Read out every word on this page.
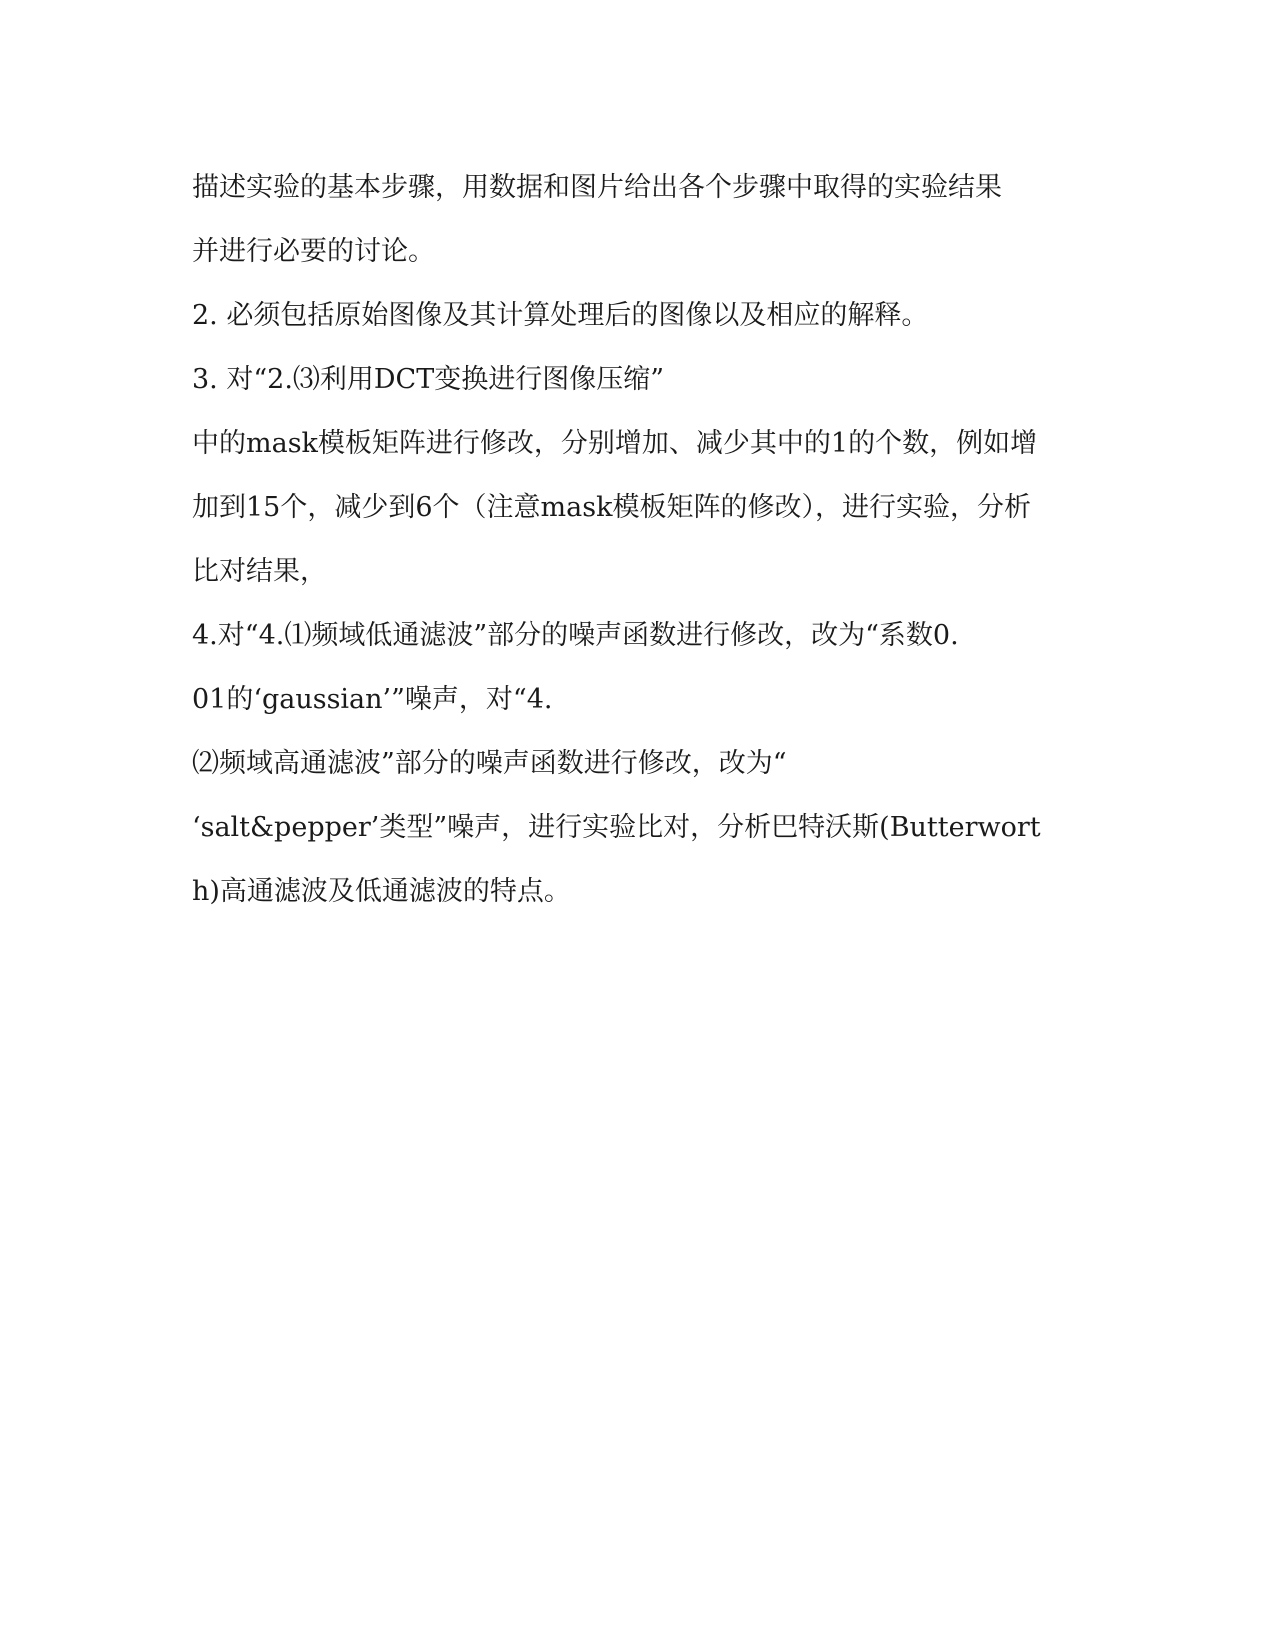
描述实验的基本步骤，用数据和图片给出各个步骤中取得的实验结果
并进行必要的讨论。
2. 必须包括原始图像及其计算处理后的图像以及相应的解释。
3. 对“2.⑶利用DCT变换进行图像压缩”
中的mask模板矩阵进行修改，分别增加、减少其中的1的个数，例如增
加到15个，减少到6个（注意mask模板矩阵的修改），进行实验，分析
比对结果，
4.对“4.⑴频域低通滤波”部分的噪声函数进行修改，改为“系数0.
01的‘gaussian’”噪声，对“4.
⑵频域高通滤波”部分的噪声函数进行修改，改为“
‘salt&pepper’类型”噪声，进行实验比对，分析巴特沃斯(Butterwort
h)高通滤波及低通滤波的特点。
